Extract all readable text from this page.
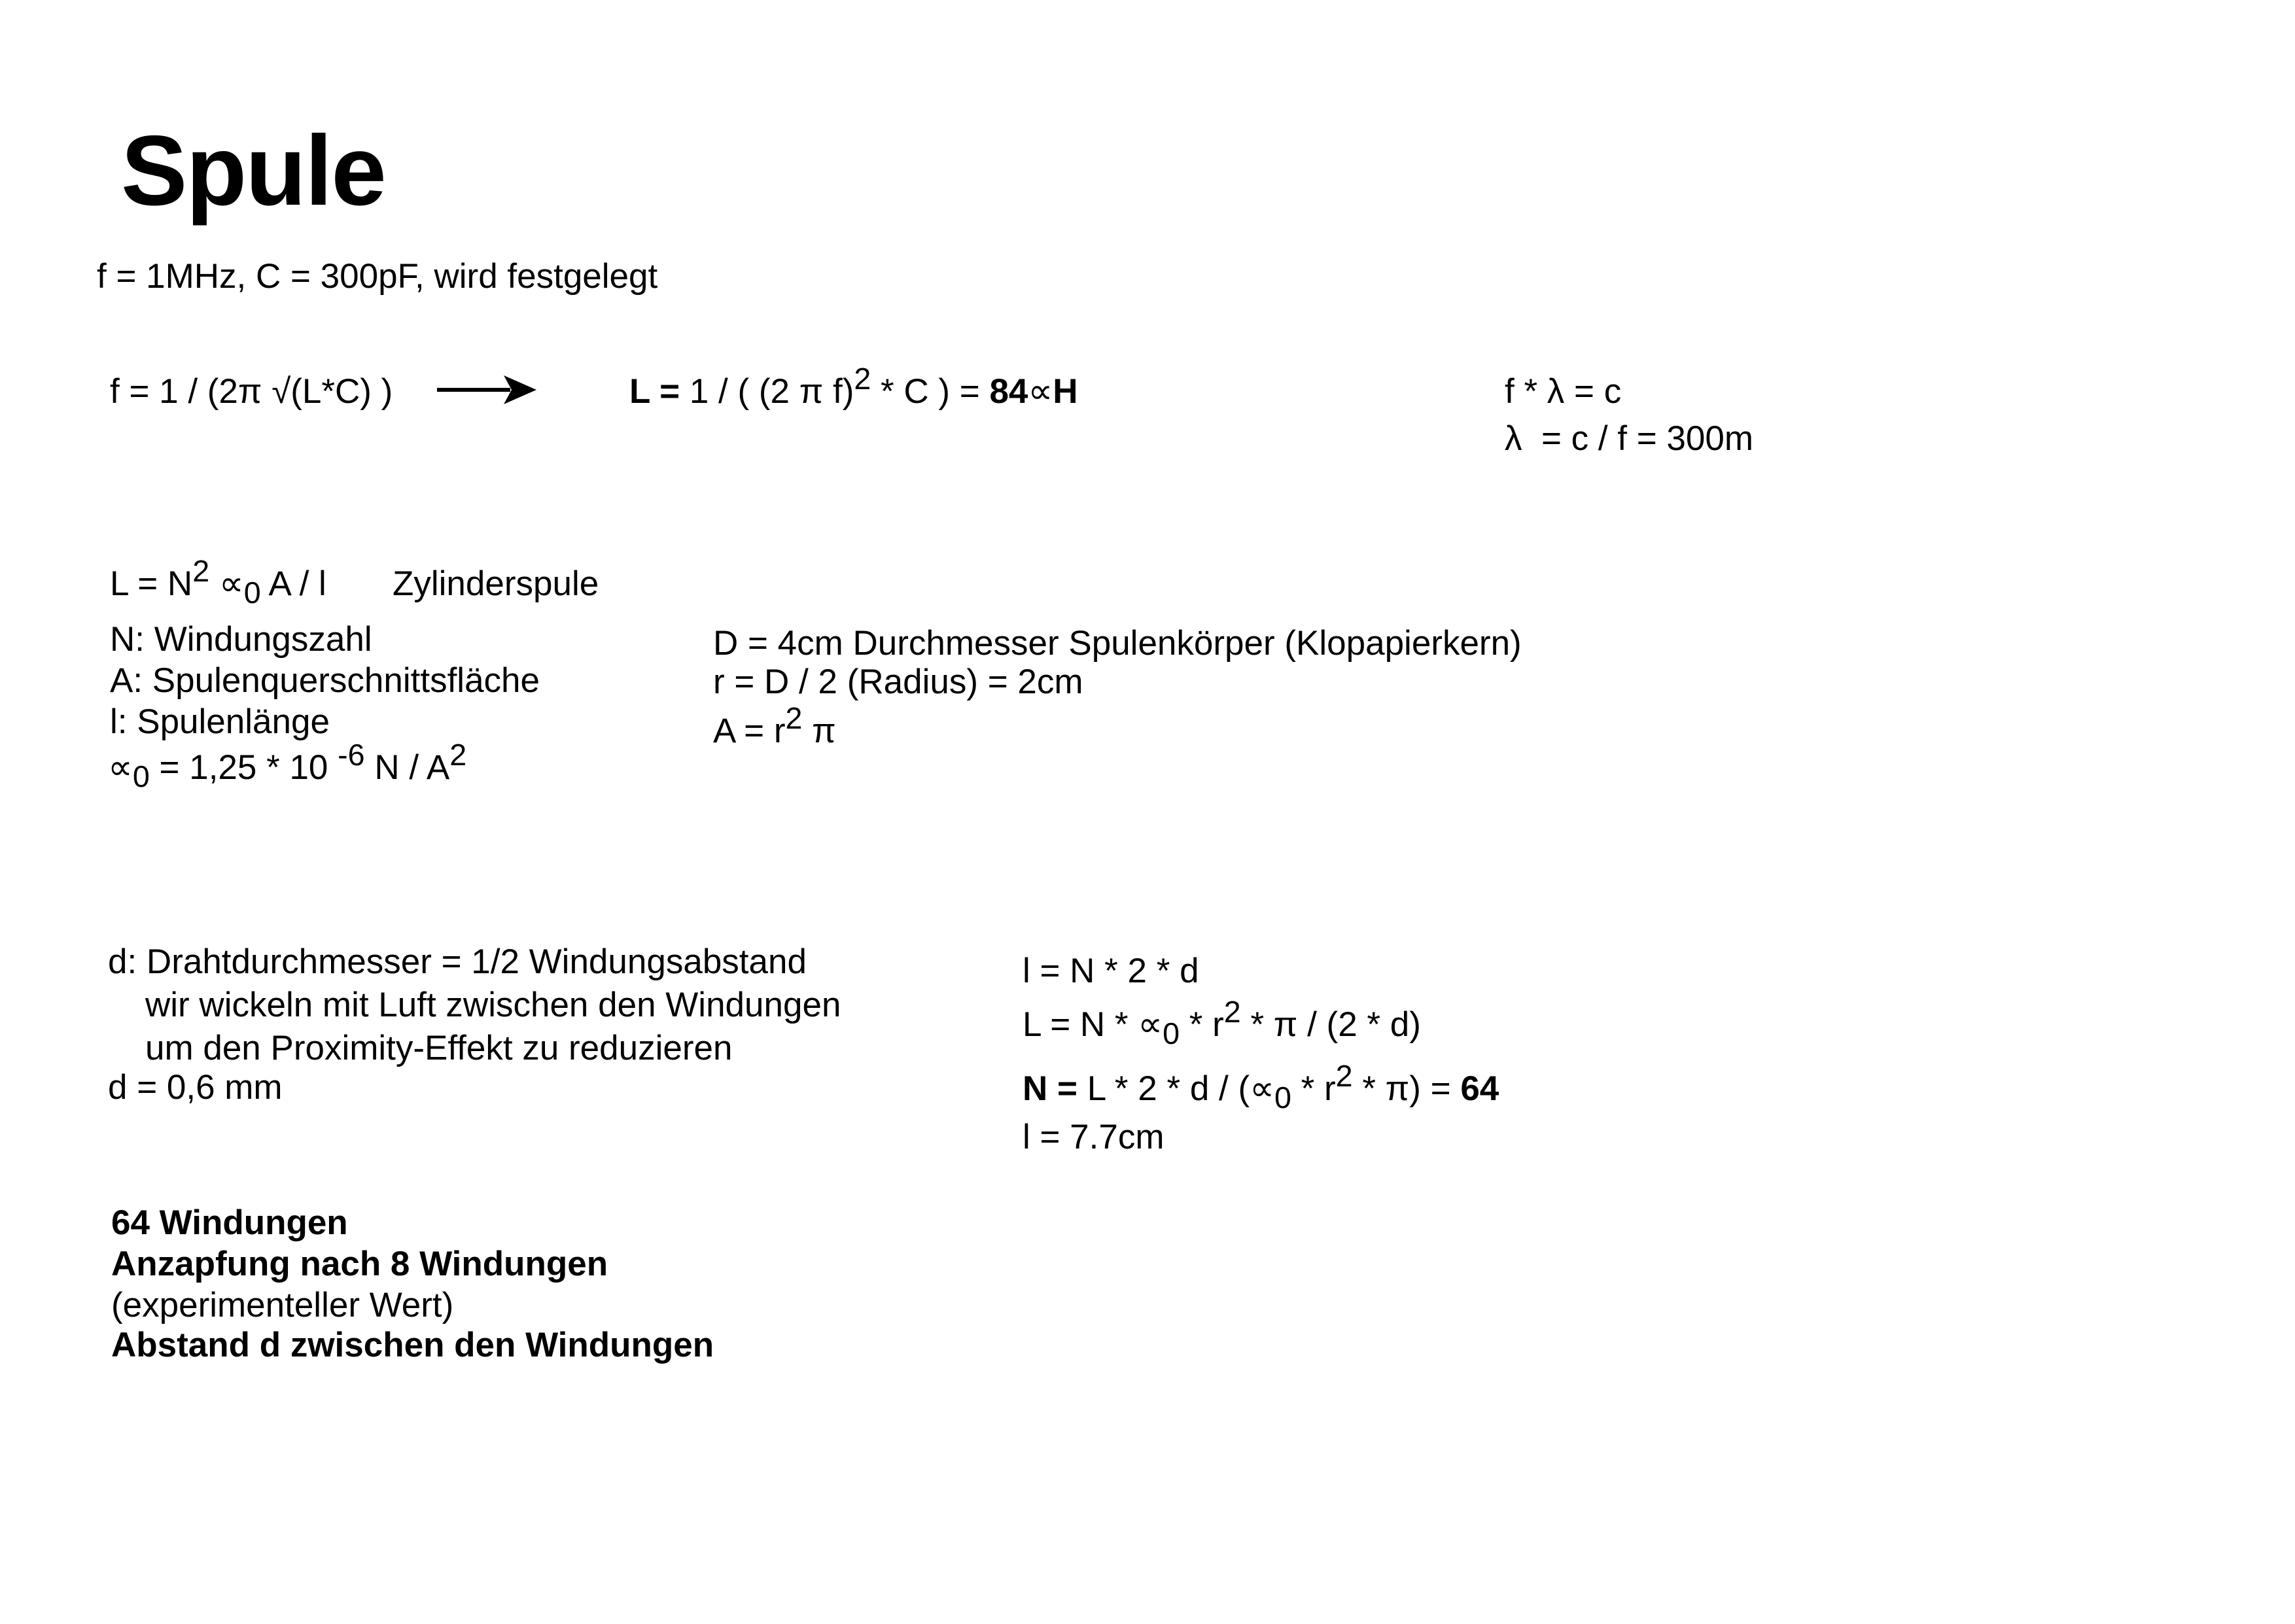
Spule
f = 1MHz, C = 300pF, wird festgelegt
f = 1 / (2π √(L*C) )	L = 1 / ( (2 π f)2 * C ) = 84∝H	f * λ = c
λ  = c / f = 300m
L = N2 ∝0 A / l Zylinderspule
N: Windungszahl
A: Spulenquerschnittsfläche
l: Spulenlänge
∝0 = 1,25 * 10 -6 N / A2
D = 4cm Durchmesser Spulenkörper (Klopapierkern)
r = D / 2 (Radius) = 2cm
A = r2 π
d: Drahtdurchmesser = 1/2 Windungsabstand
wir wickeln mit Luft zwischen den Windungen
um den Proximity-Effekt zu reduzieren
d = 0,6 mm
l = N * 2 * d
L = N * ∝0 * r2 * π / (2 * d)
N = L * 2 * d / (∝0 * r2 * π) = 64
l = 7.7cm
64 Windungen
Anzapfung nach 8 Windungen
(experimenteller Wert)
Abstand d zwischen den Windungen
